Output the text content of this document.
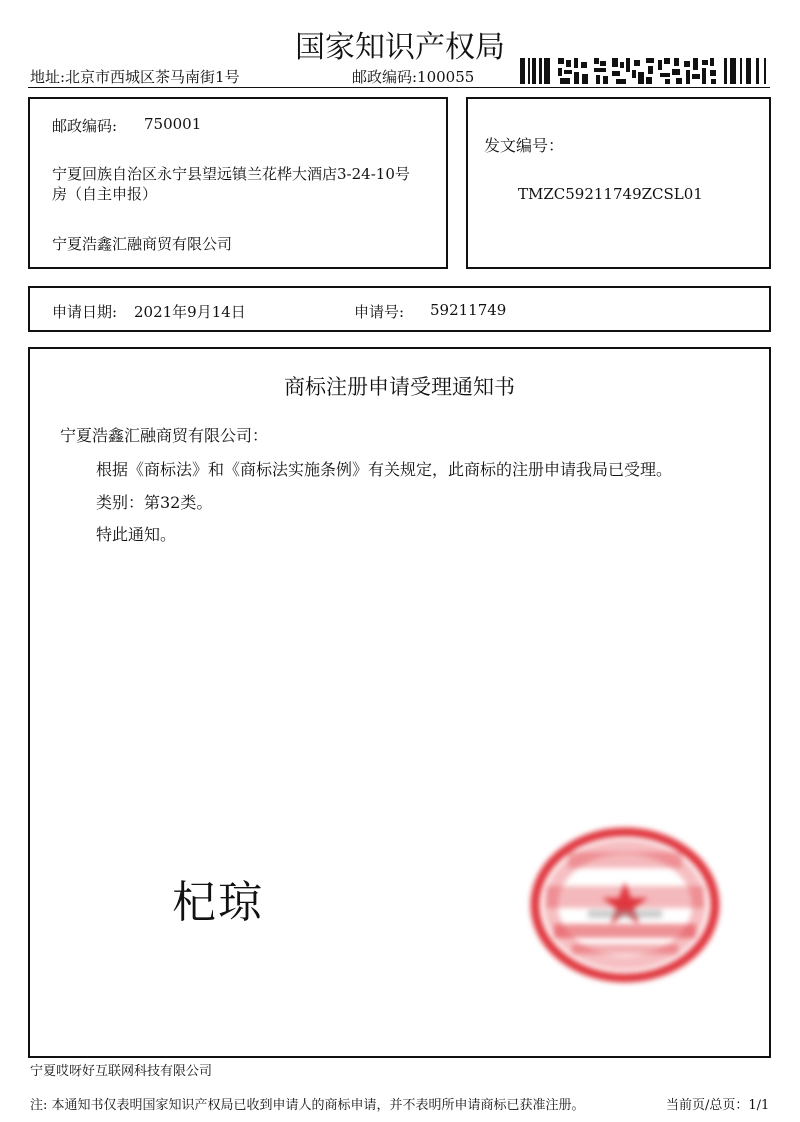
国家知识产权局
地址:北京市西城区茶马南街1号	邮政编码:100055
邮政编码: 750001
宁夏回族自治区永宁县望远镇兰花桦大酒店3-24-10号
房（自主申报）
宁夏浩鑫汇融商贸有限公司
发文编号：
TMZC59211749ZCSL01
申请日期: 2021年9月14日	申请号: 59211749
商标注册申请受理通知书
宁夏浩鑫汇融商贸有限公司：
根据《商标法》和《商标法实施条例》有关规定，此商标的注册申请我局已受理。
类别：第32类。
特此通知。
杞琼
宁夏哎呀好互联网科技有限公司
注: 本通知书仅表明国家知识产权局已收到申请人的商标申请，并不表明所申请商标已获准注册。	当前页/总页：1/1
